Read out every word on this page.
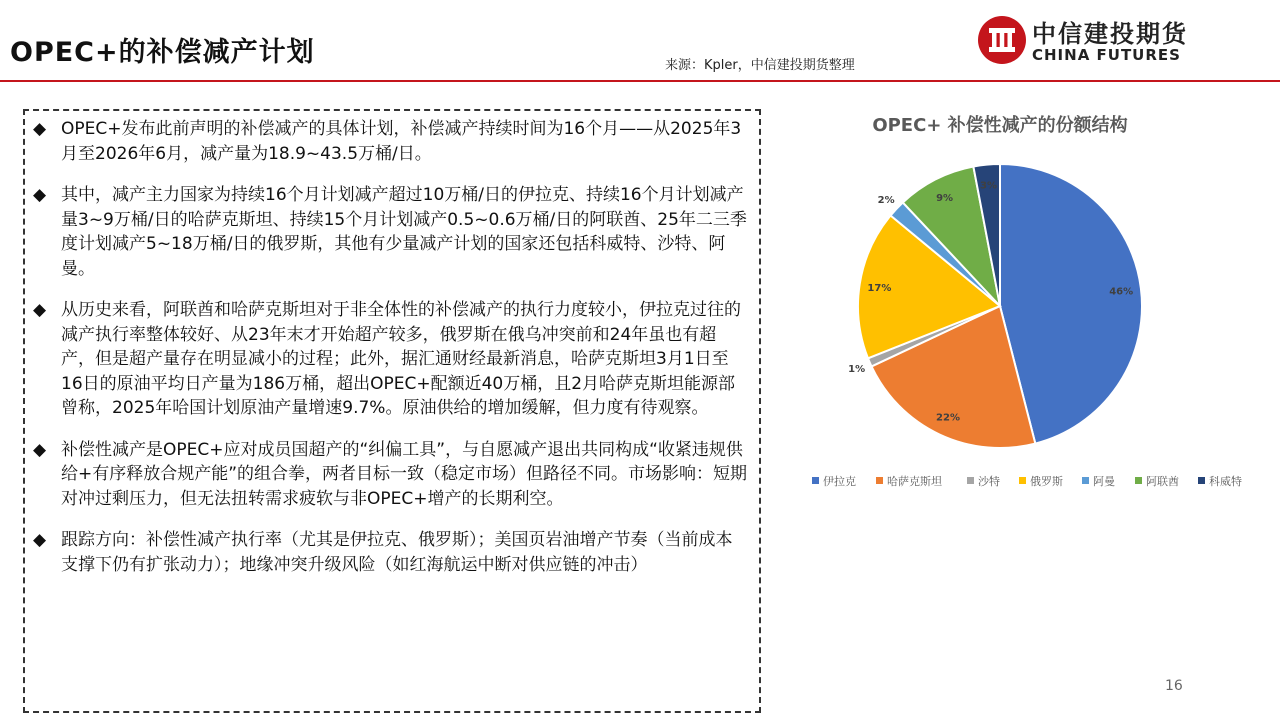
OPEC+的补偿减产计划	来源：Kpler，中信建投期货整理
中信建投期货
CHINA FUTURES
◆ OPEC+发布此前声明的补偿减产的具体计划，补偿减产持续时间为16个月——从2025年3月至2026年6月，减产量为18.9~43.5万桶/日。
◆ 其中，减产主力国家为持续16个月计划减产超过10万桶/日的伊拉克、持续16个月计划减产量3~9万桶/日的哈萨克斯坦、持续15个月计划减产0.5~0.6万桶/日的阿联酋、25年二三季度计划减产5~18万桶/日的俄罗斯，其他有少量减产计划的国家还包括科威特、沙特、阿曼。
◆ 从历史来看，阿联酋和哈萨克斯坦对于非全体性的补偿减产的执行力度较小，伊拉克过往的减产执行率整体较好、从23年末才开始超产较多，俄罗斯在俄乌冲突前和24年虽也有超产，但是超产量存在明显减小的过程；此外，据汇通财经最新消息，哈萨克斯坦3月1日至16日的原油平均日产量为186万桶，超出OPEC+配额近40万桶，且2月哈萨克斯坦能源部曾称，2025年哈国计划原油产量增速9.7%。原油供给的增加缓解，但力度有待观察。
◆ 补偿性减产是OPEC+应对成员国超产的“纠偏工具”，与自愿减产退出共同构成“收紧违规供给+有序释放合规产能”的组合拳，两者目标一致（稳定市场）但路径不同。市场影响：短期对冲过剩压力，但无法扭转需求疲软与非OPEC+增产的长期利空。
◆ 跟踪方向：补偿性减产执行率（尤其是伊拉克、俄罗斯）；美国页岩油增产节奏（当前成本支撑下仍有扩张动力）；地缘冲突升级风险（如红海航运中断对供应链的冲击）
OPEC+ 补偿性减产的份额结构
46%
22%
1%
17%
2%	9%
3%
伊拉克	哈萨克斯坦	沙特	俄罗斯	阿曼	阿联酋	科威特
16
